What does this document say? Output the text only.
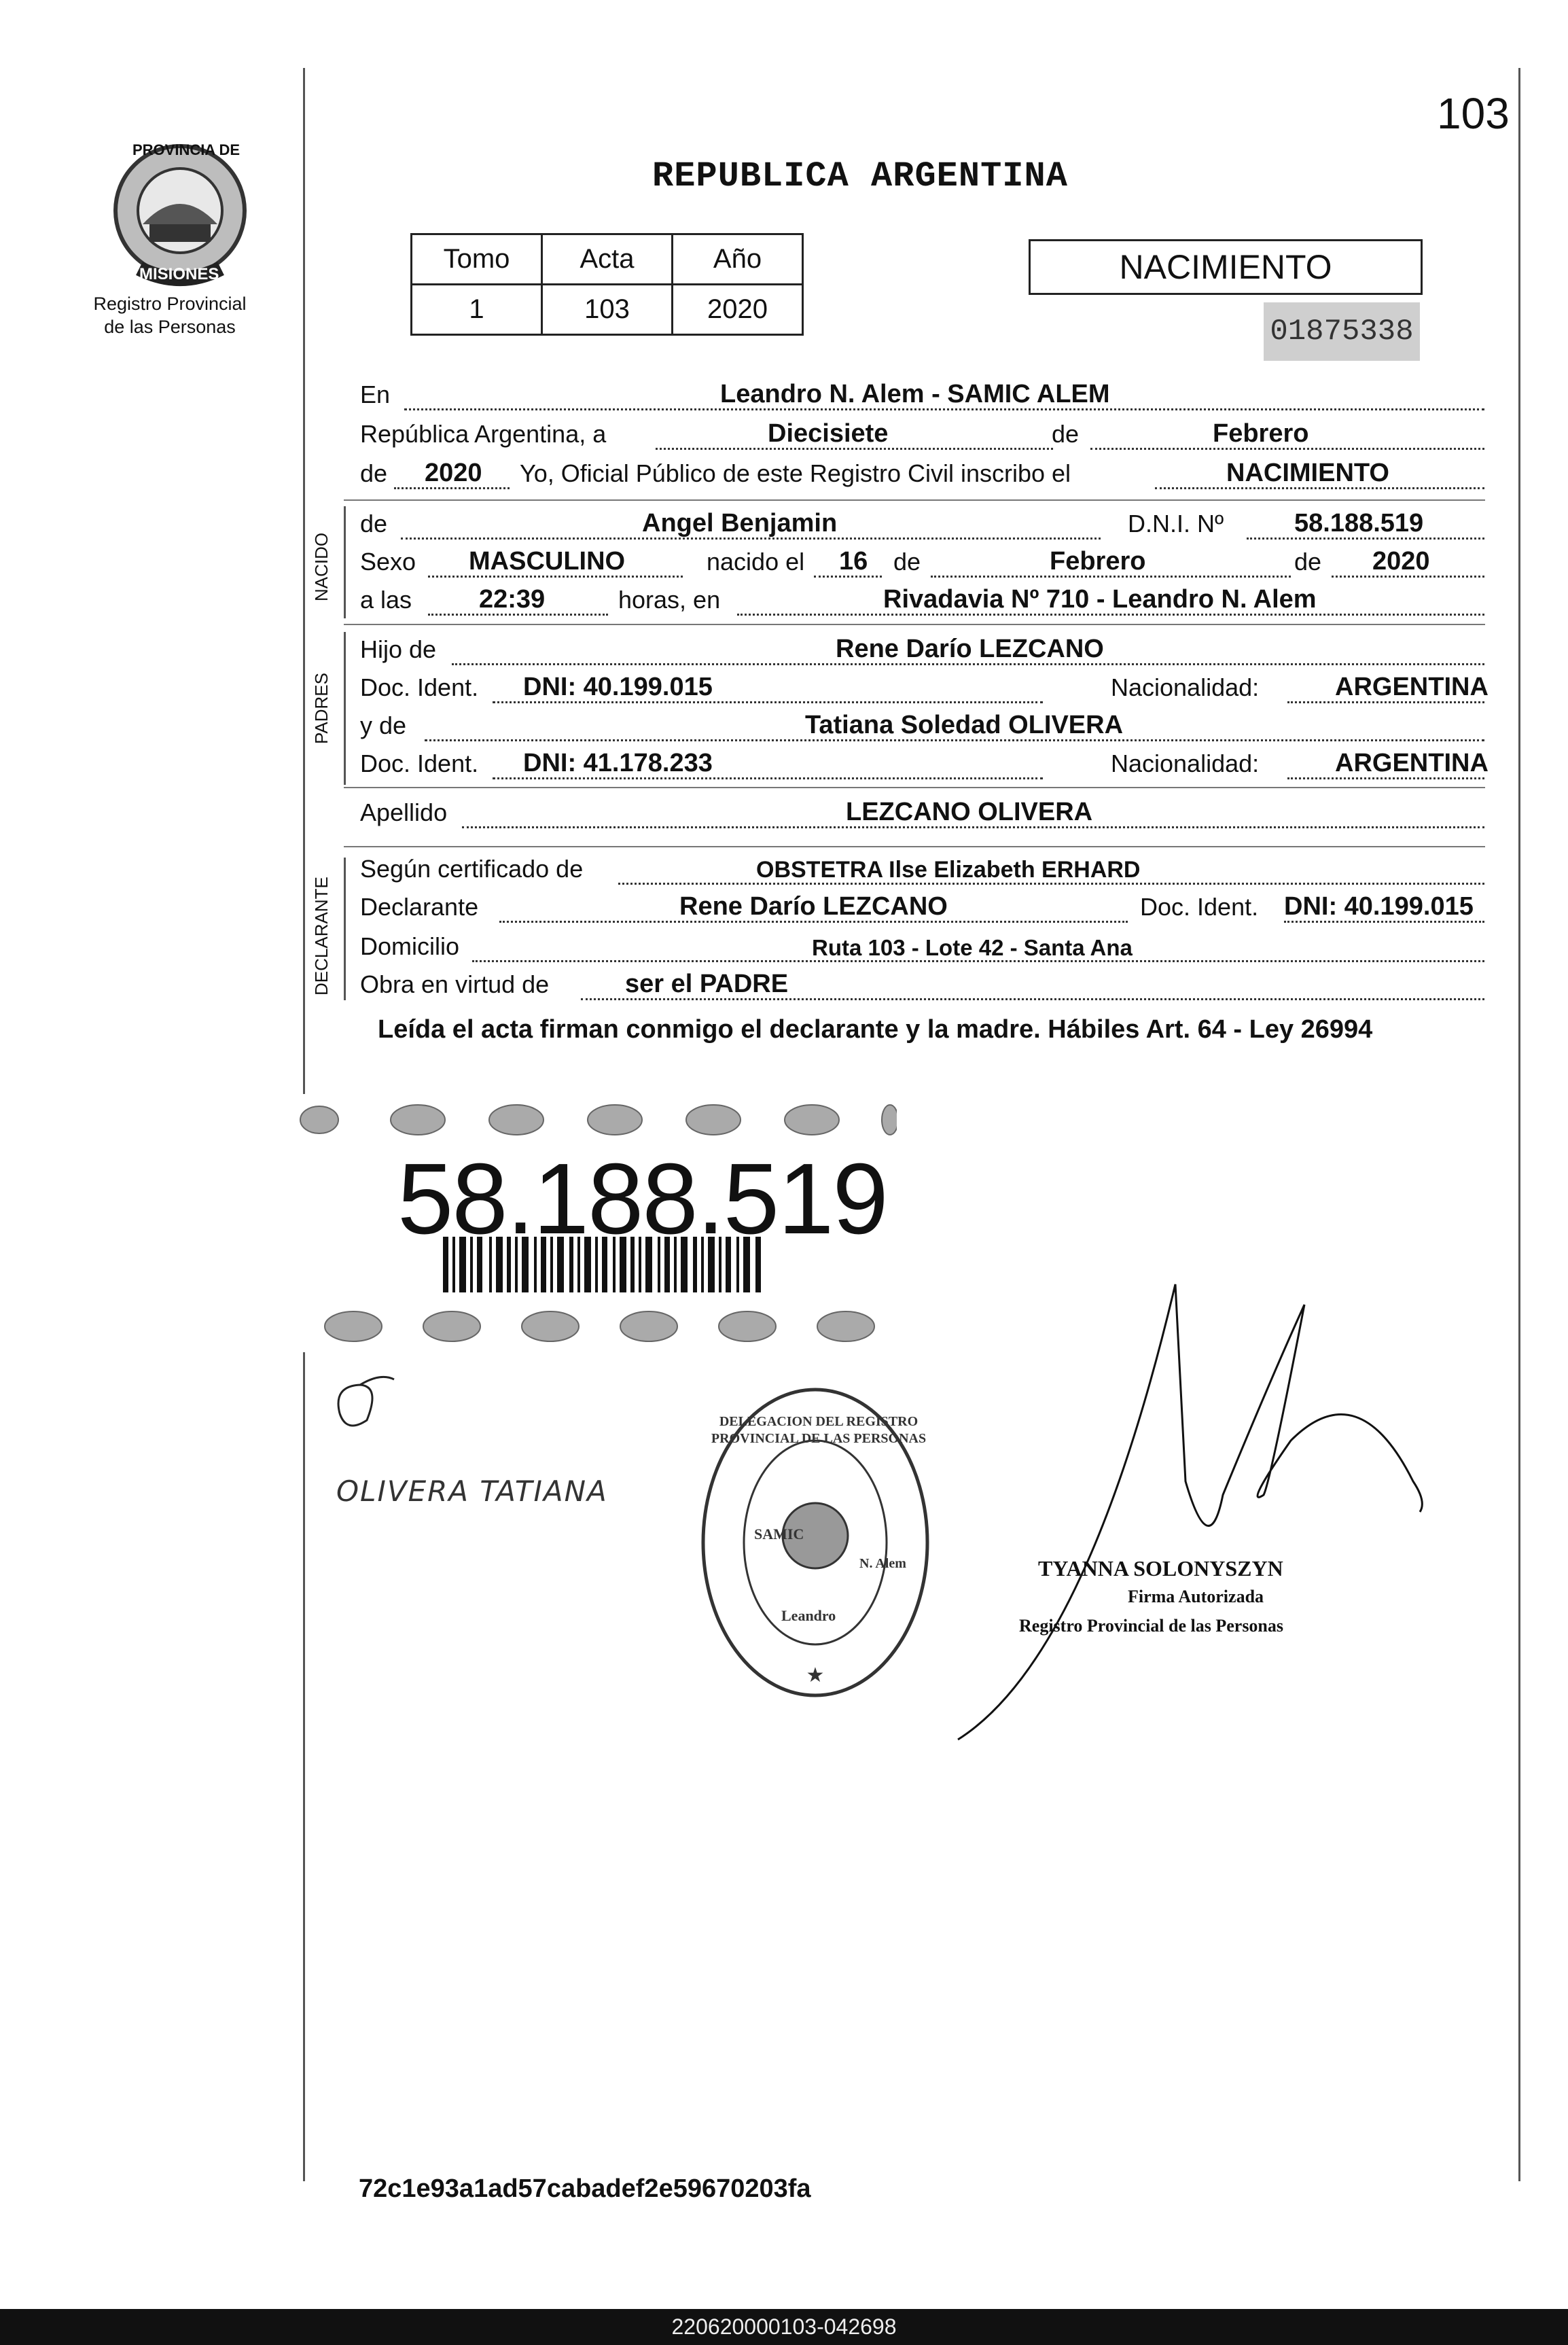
103
PROVINCIA DE
MISIONES
Registro Provincial
de las Personas
REPUBLICA ARGENTINA
Tomo	Acta	Año
1	103	2020
NACIMIENTO
01875338
En	Leandro N. Alem - SAMIC ALEM
República Argentina, a	Diecisiete	de	Febrero
de 2020 Yo, Oficial Público de este Registro Civil inscribo el	NACIMIENTO
NACIDO
de	Angel Benjamin	D.N.I. Nº	58.188.519
Sexo MASCULINO	nacido el 16 de	Febrero	de 2020
a las	22:39	horas, en	Rivadavia Nº 710 - Leandro N. Alem
PADRES
Hijo de	Rene Darío LEZCANO
Doc. Ident. DNI: 40.199.015	Nacionalidad:	ARGENTINA
y de	Tatiana Soledad OLIVERA
Doc. Ident. DNI: 41.178.233	Nacionalidad:	ARGENTINA
Apellido	LEZCANO OLIVERA
DECLARANTE
Según certificado de	OBSTETRA Ilse Elizabeth ERHARD
Declarante	Rene Darío LEZCANO	Doc. Ident. DNI: 40.199.015
Domicilio	Ruta 103 - Lote 42 - Santa Ana
Obra en virtud de	ser el PADRE
Leída el acta firman conmigo el declarante y la madre. Hábiles Art. 64 - Ley 26994
58.188.519
OLIVERA TATIANA
★
DELEGACION DEL REGISTRO PROVINCIAL DE LAS PERSONAS
SAMIC
N. Alem
Leandro
TYANNA SOLONYSZYN
Firma Autorizada
Registro Provincial de las Personas
72c1e93a1ad57cabadef2e59670203fa
220620000103-042698
